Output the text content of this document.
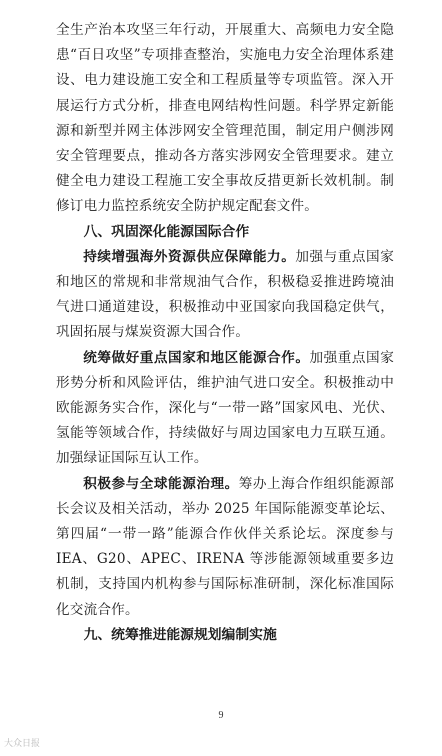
全生产治本攻坚三年行动，开展重大、高频电力安全隐患“百日攻坚”专项排查整治，实施电力安全治理体系建设、电力建设施工安全和工程质量等专项监管。深入开展运行方式分析，排查电网结构性问题。科学界定新能源和新型并网主体涉网安全管理范围，制定用户侧涉网安全管理要点，推动各方落实涉网安全管理要求。建立健全电力建设工程施工安全事故反措更新长效机制。制修订电力监控系统安全防护规定配套文件。

八、巩固深化能源国际合作

持续增强海外资源供应保障能力。加强与重点国家和地区的常规和非常规油气合作，积极稳妥推进跨境油气进口通道建设，积极推动中亚国家向我国稳定供气，巩固拓展与煤炭资源大国合作。

统筹做好重点国家和地区能源合作。加强重点国家形势分析和风险评估，维护油气进口安全。积极推动中欧能源务实合作，深化与“一带一路”国家风电、光伏、氢能等领域合作，持续做好与周边国家电力互联互通。加强绿证国际互认工作。

积极参与全球能源治理。筹办上海合作组织能源部长会议及相关活动，举办 2025 年国际能源变革论坛、第四届“一带一路”能源合作伙伴关系论坛。深度参与 IEA、G20、APEC、IRENA 等涉能源领域重要多边机制，支持国内机构参与国际标准研制，深化标准国际化交流合作。

九、统筹推进能源规划编制实施
9
大众日报
